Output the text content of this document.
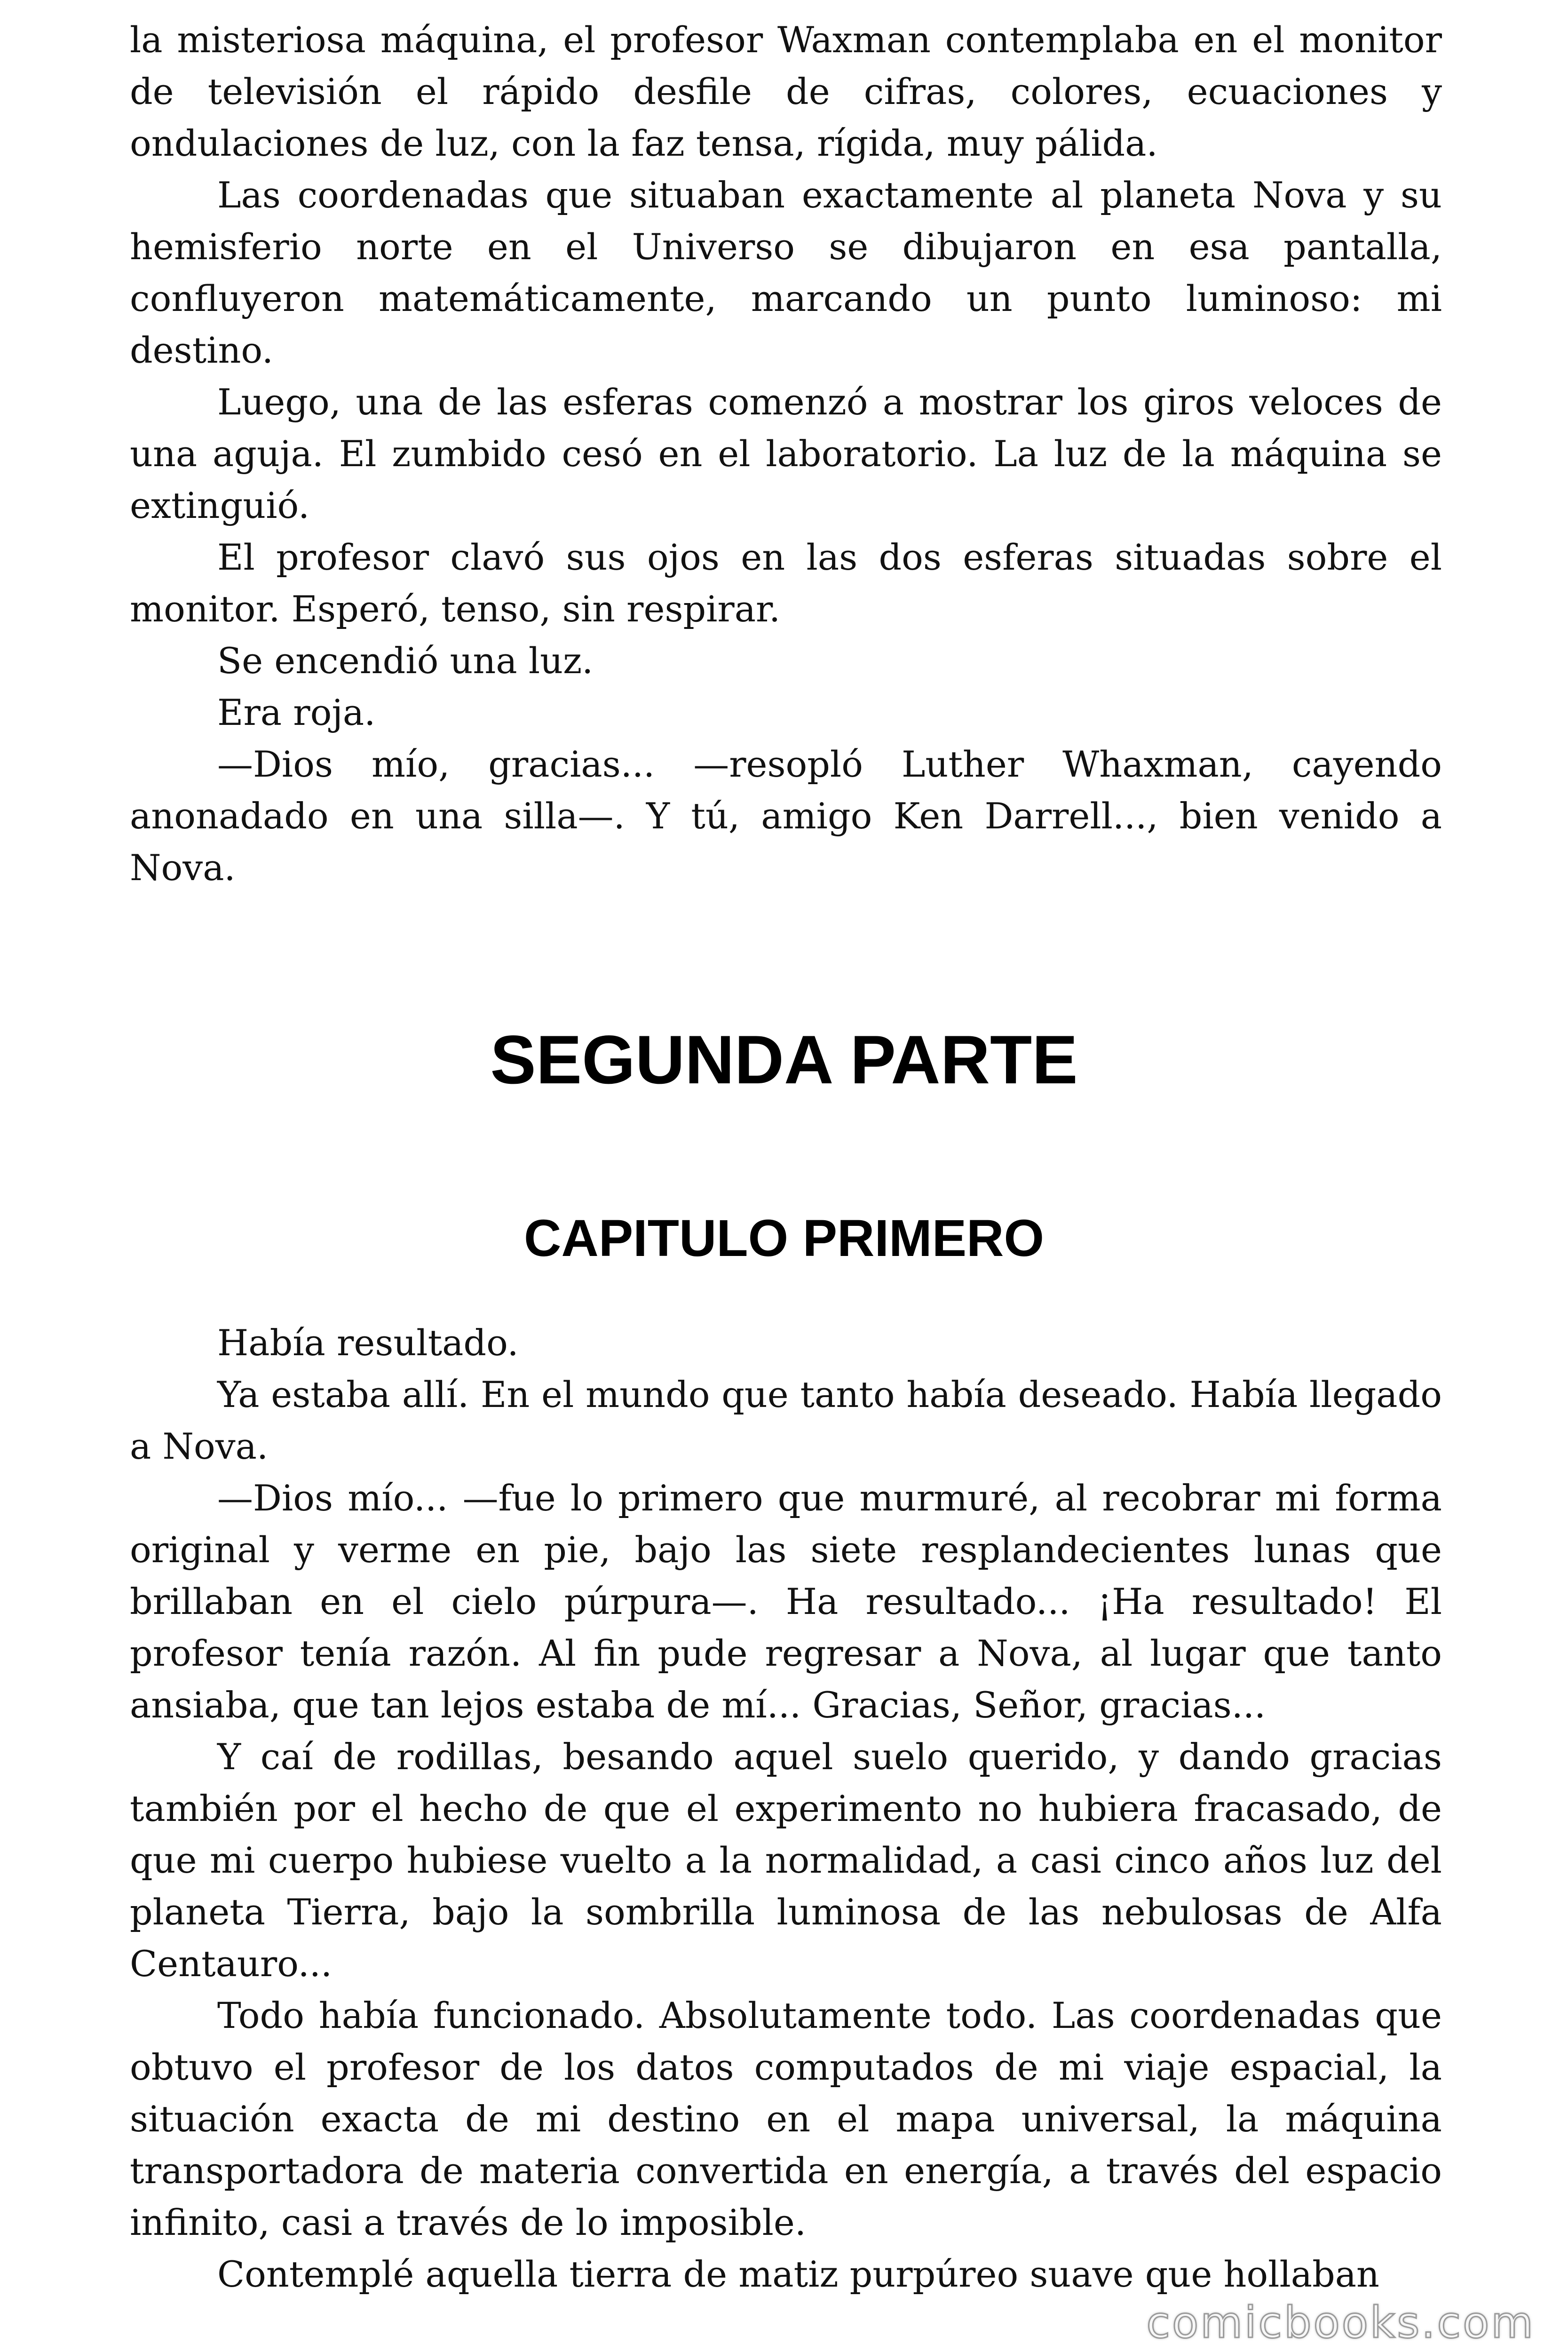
la misteriosa máquina, el profesor Waxman contemplaba en el monitor de televisión el rápido desfile de cifras, colores, ecuaciones y ondulaciones de luz, con la faz tensa, rígida, muy pálida.

Las coordenadas que situaban exactamente al planeta Nova y su hemisferio norte en el Universo se dibujaron en esa pantalla, confluyeron matemáticamente, marcando un punto luminoso: mi destino.

Luego, una de las esferas comenzó a mostrar los giros veloces de una aguja. El zumbido cesó en el laboratorio. La luz de la máquina se extinguió.

El profesor clavó sus ojos en las dos esferas situadas sobre el monitor. Esperó, tenso, sin respirar.

Se encendió una luz.

Era roja.

—Dios mío, gracias... —resopló Luther Whaxman, cayendo anonadado en una silla—. Y tú, amigo Ken Darrell..., bien venido a Nova.

SEGUNDA PARTE
CAPITULO PRIMERO

Había resultado.

Ya estaba allí. En el mundo que tanto había deseado. Había llegado a Nova.

—Dios mío... —fue lo primero que murmuré, al recobrar mi forma original y verme en pie, bajo las siete resplandecientes lunas que brillaban en el cielo púrpura—. Ha resultado... ¡Ha resultado! El profesor tenía razón. Al fin pude regresar a Nova, al lugar que tanto ansiaba, que tan lejos estaba de mí... Gracias, Señor, gracias...

Y caí de rodillas, besando aquel suelo querido, y dando gracias también por el hecho de que el experimento no hubiera fracasado, de que mi cuerpo hubiese vuelto a la normalidad, a casi cinco años luz del planeta Tierra, bajo la sombrilla luminosa de las nebulosas de Alfa Centauro...

Todo había funcionado. Absolutamente todo. Las coordenadas que obtuvo el profesor de los datos computados de mi viaje espacial, la situación exacta de mi destino en el mapa universal, la máquina transportadora de materia convertida en energía, a través del espacio infinito, casi a través de lo imposible.

Contemplé aquella tierra de matiz purpúreo suave que hollaban

comicbooks.com
